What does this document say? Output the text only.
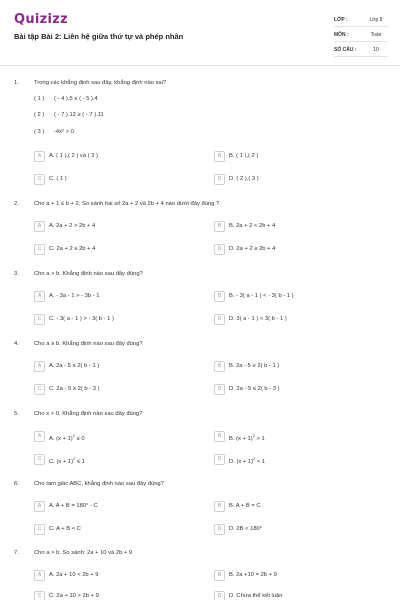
Quizizz
Bài tập Bài 2: Liên hệ giữa thứ tự và phép nhân
LỚP :	Lớp 8
MÔN :	Toán
SỐ CÂU :	10
1.	Trong các khẳng định sau đây, khẳng định nào sai?
( 1 ) ( - 4 ).5 ≤ ( - 5 ).4
( 2 ) ( - 7 ).12 ≥ ( - 7 ).11
( 3 ) -4x² > 0
A	A. ( 1 ),( 2 ) và ( 3 )	B	B. ( 1 ),( 2 )
C	C. ( 1 )	D	D. ( 2 ),( 3 )
2.	Cho a + 1 ≤ b + 2. So sánh hai số 2a + 2 và 2b + 4 nào dưới đây đúng ?
A	A. 2a + 2 > 2b + 4	B	B. 2a + 2 < 2b + 4
C	C. 2a + 2 ≤ 2b + 4	D	D. 2a + 2 ≥ 2b + 4
3.	Cho a > b. Khẳng định nào sau đây đúng?
A	A. - 3a - 1 > - 3b - 1	B	B. - 3( a - 1 ) < - 3( b - 1 )
C	C. - 3( a - 1 ) > - 3( b - 1 )	D	D. 3( a - 1 ) < 3( b - 1 )
4.	Cho a ≥ b. Khẳng định nào sau đây đúng?
A	A. 2a - 5 ≤ 2( b - 1 )	B	B. 2a - 5 ≥ 2( b - 1 )
C	C. 2a - 5 ≥ 2( b - 3 )	D	D. 2a - 5 ≤ 2( b - 3 )
5.	Cho x > 0. Khẳng định nào sau đây đúng?
A	A. $(x + 1)^2 \le 0$	B	B. $(x + 1)^2 > 1$
C	C. $(x + 1)^2 \le 1$	D	D. $(x + 1)^2 < 1$
6.	Cho tam giác ABC, khẳng định nào sau đây đúng?
A	A. A + B = 180° - C	B	B. A + B = C
C	C. A + B < C	D	D. 2B < 180°
7.	Cho a > b. So sánh: 2a + 10 và 2b + 9
A	A. 2a + 10 < 2b + 9	B	B. 2a +10 = 2b + 9
C	C. 2a + 10 > 2b + 9	D	D. Chưa thể kết luận
